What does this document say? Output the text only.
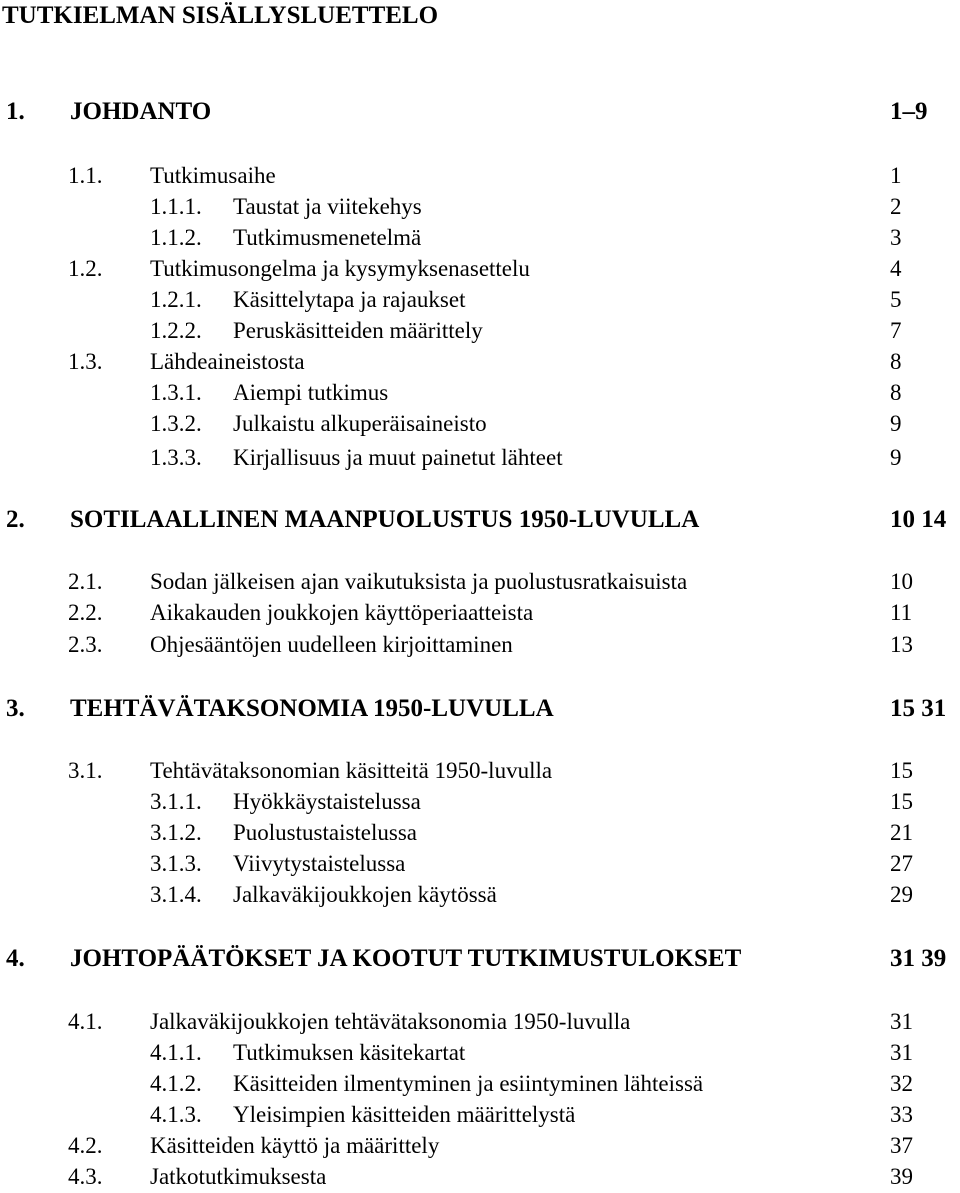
TUTKIELMAN SISÄLLYSLUETTELO
1. JOHDANTO	1–9
1.1. Tutkimusaihe	1
1.1.1. Taustat ja viitekehys	2
1.1.2. Tutkimusmenetelmä	3
1.2. Tutkimusongelma ja kysymyksenasettelu	4
1.2.1. Käsittelytapa ja rajaukset	5
1.2.2. Peruskäsitteiden määrittely	7
1.3. Lähdeaineistosta	8
1.3.1. Aiempi tutkimus	8
1.3.2. Julkaistu alkuperäisaineisto	9
1.3.3. Kirjallisuus ja muut painetut lähteet	9
2. SOTILAALLINEN MAANPUOLUSTUS 1950-LUVULLA	10 14
2.1. Sodan jälkeisen ajan vaikutuksista ja puolustusratkaisuista	10
2.2. Aikakauden joukkojen käyttöperiaatteista	11
2.3. Ohjesääntöjen uudelleen kirjoittaminen	13
3. TEHTÄVÄTAKSONOMIA 1950-LUVULLA	15 31
3.1. Tehtävätaksonomian käsitteitä 1950-luvulla	15
3.1.1. Hyökkäystaistelussa	15
3.1.2. Puolustustaistelussa	21
3.1.3. Viivytystaistelussa	27
3.1.4. Jalkaväkijoukkojen käytössä	29
4. JOHTOPÄÄTÖKSET JA KOOTUT TUTKIMUSTULOKSET	31 39
4.1. Jalkaväkijoukkojen tehtävätaksonomia 1950-luvulla	31
4.1.1. Tutkimuksen käsitekartat	31
4.1.2. Käsitteiden ilmentyminen ja esiintyminen lähteissä	32
4.1.3. Yleisimpien käsitteiden määrittelystä	33
4.2. Käsitteiden käyttö ja määrittely	37
4.3. Jatkotutkimuksesta	39
